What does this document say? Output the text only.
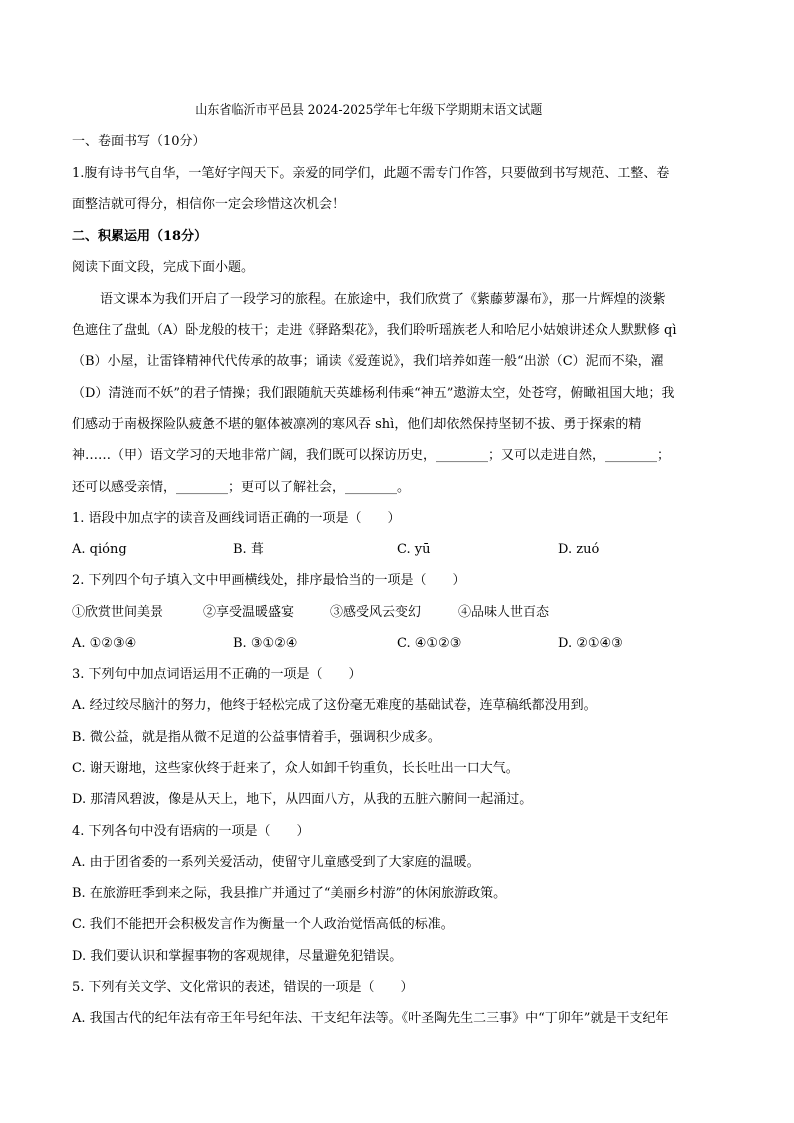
山东省临沂市平邑县 2024-2025学年七年级下学期期末语文试题
一、卷面书写（10分）
1.腹有诗书气自华，一笔好字闯天下。亲爱的同学们，此题不需专门作答，只要做到书写规范、工整、卷
面整洁就可得分，相信你一定会珍惜这次机会！
二、积累运用（18分）
阅读下面文段，完成下面小题。
语文课本为我们开启了一段学习的旅程。在旅途中，我们欣赏了《紫藤萝瀑布》，那一片辉煌的淡紫
色遮住了盘虬（A）卧龙般的枝干；走进《驿路梨花》，我们聆听瑶族老人和哈尼小姑娘讲述众人默默修 qì
（B）小屋，让雷锋精神代代传承的故事；诵读《爱莲说》，我们培养如莲一般“出淤（C）泥而不染，濯
（D）清涟而不妖”的君子情操；我们跟随航天英雄杨利伟乘“神五”遨游太空，处苍穹，俯瞰祖国大地；我
们感动于南极探险队疲惫不堪的躯体被凛冽的寒风吞 shì，他们却依然保持坚韧不拔、勇于探索的精
神……（甲）语文学习的天地非常广阔，我们既可以探访历史，________；又可以走进自然，________；
还可以感受亲情，________；更可以了解社会，________。
1. 语段中加点字的读音及画线词语正确的一项是（　　）
A. qióng	B. 葺	C. yū	D. zuó
2. 下列四个句子填入文中甲画横线处，排序最恰当的一项是（　　）
①欣赏世间美景	②享受温暖盛宴	③感受风云变幻	④品味人世百态
A. ①②③④	B. ③①②④	C. ④①②③	D. ②①④③
3. 下列句中加点词语运用不正确的一项是（　　）
A. 经过绞尽脑汁的努力，他终于轻松完成了这份毫无难度的基础试卷，连草稿纸都没用到。
B. 微公益，就是指从微不足道的公益事情着手，强调积少成多。
C. 谢天谢地，这些家伙终于赶来了，众人如卸千钧重负，长长吐出一口大气。
D. 那清风碧波，像是从天上，地下，从四面八方，从我的五脏六腑间一起涌过。
4. 下列各句中没有语病的一项是（　　）
A. 由于团省委的一系列关爱活动，使留守儿童感受到了大家庭的温暖。
B. 在旅游旺季到来之际，我县推广并通过了“美丽乡村游”的休闲旅游政策。
C. 我们不能把开会积极发言作为衡量一个人政治觉悟高低的标准。
D. 我们要认识和掌握事物的客观规律，尽量避免犯错误。
5. 下列有关文学、文化常识的表述，错误的一项是（　　）
A. 我国古代的纪年法有帝王年号纪年法、干支纪年法等。《叶圣陶先生二三事》中“丁卯年”就是干支纪年
